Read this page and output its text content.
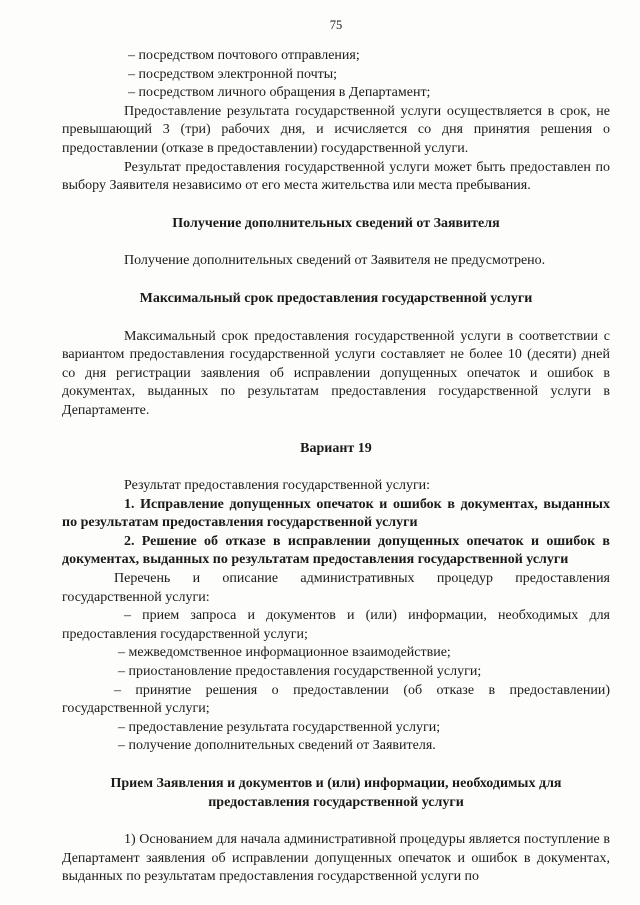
75

– посредством почтового отправления;

– посредством электронной почты;

– посредством личного обращения в Департамент;

Предоставление результата государственной услуги осуществляется в срок, не превышающий 3 (три) рабочих дня, и исчисляется со дня принятия решения о предоставлении (отказе в предоставлении) государственной услуги.

Результат предоставления государственной услуги может быть предоставлен по выбору Заявителя независимо от его места жительства или места пребывания.

Получение дополнительных сведений от Заявителя

Получение дополнительных сведений от Заявителя не предусмотрено.

Максимальный срок предоставления государственной услуги

Максимальный срок предоставления государственной услуги в соответствии с вариантом предоставления государственной услуги составляет не более 10 (десяти) дней со дня регистрации заявления об исправлении допущенных опечаток и ошибок в документах, выданных по результатам предоставления государственной услуги в Департаменте.

Вариант 19

Результат предоставления государственной услуги:

1. Исправление допущенных опечаток и ошибок в документах, выданных по результатам предоставления государственной услуги

2. Решение об отказе в исправлении допущенных опечаток и ошибок в документах, выданных по результатам предоставления государственной услуги

Перечень и описание административных процедур предоставления государственной услуги:

– прием запроса и документов и (или) информации, необходимых для предоставления государственной услуги;

– межведомственное информационное взаимодействие;

– приостановление предоставления государственной услуги;

– принятие решения о предоставлении (об отказе в предоставлении) государственной услуги;

– предоставление результата государственной услуги;

– получение дополнительных сведений от Заявителя.

Прием Заявления и документов и (или) информации, необходимых для
предоставления государственной услуги

1) Основанием для начала административной процедуры является поступление в Департамент заявления об исправлении допущенных опечаток и ошибок в документах, выданных по результатам предоставления государственной услуги по
